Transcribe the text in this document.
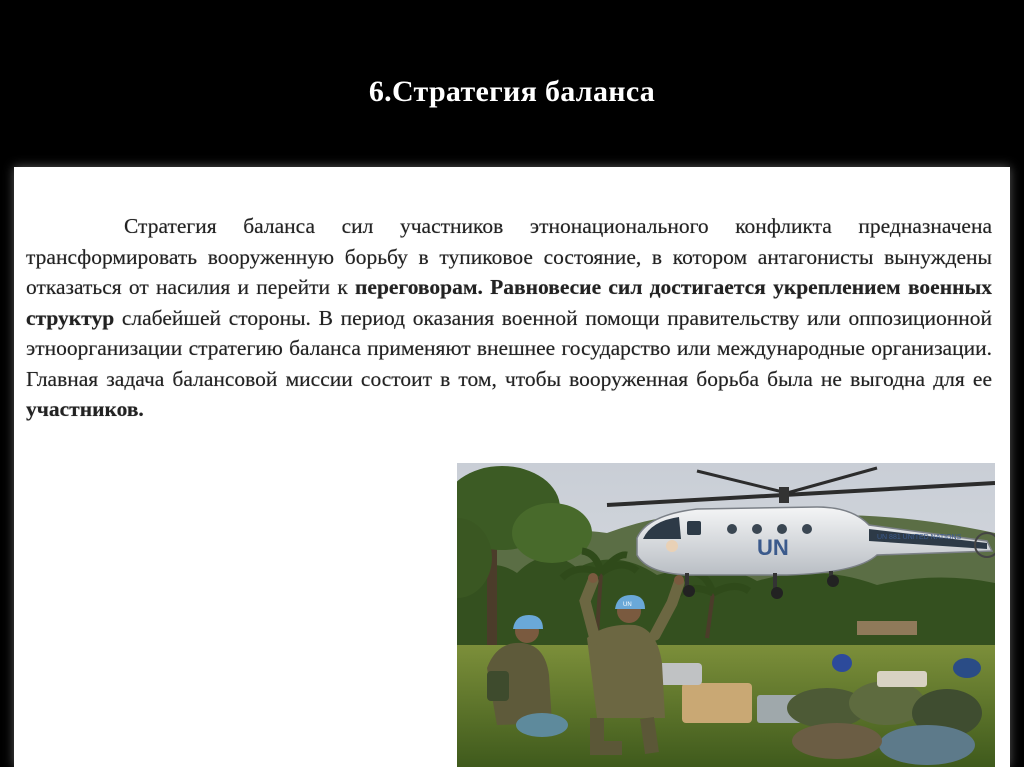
6.Стратегия баланса
Стратегия баланса сил участников этнонационального конфликта предназначена трансформировать вооруженную борьбу в тупиковое состояние, в котором антагонисты вынуждены отказаться от насилия и перейти к переговорам. Равновесие сил достигается укреплением военных структур слабейшей стороны. В период оказания военной помощи правительству или оппозиционной этноорганизации стратегию баланса применяют внешнее государство или международные организации. Главная задача балансовой миссии состоит в том, чтобы вооруженная борьба была не выгодна для ее участников.
UN	UN 881 UNITED NATIONS
UN
